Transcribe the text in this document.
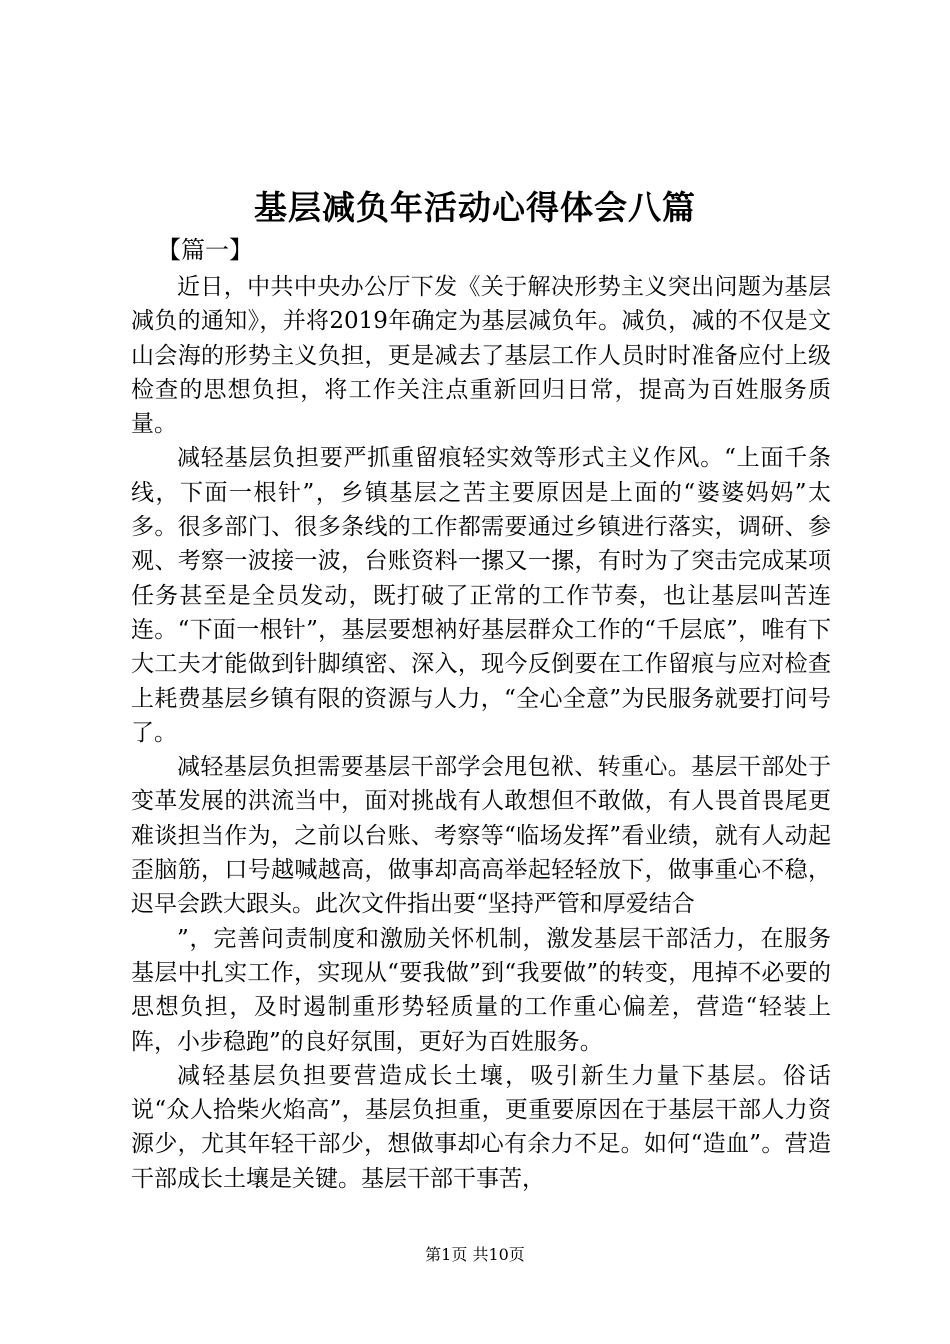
基层减负年活动心得体会八篇
【篇一】

近日，中共中央办公厅下发《关于解决形势主义突出问题为基层减负的通知》，并将2019年确定为基层减负年。减负，减的不仅是文山会海的形势主义负担，更是减去了基层工作人员时时准备应付上级检查的思想负担，将工作关注点重新回归日常，提高为百姓服务质量。

减轻基层负担要严抓重留痕轻实效等形式主义作风。“上面千条线，下面一根针”，乡镇基层之苦主要原因是上面的“婆婆妈妈”太多。很多部门、很多条线的工作都需要通过乡镇进行落实，调研、参观、考察一波接一波，台账资料一摞又一摞，有时为了突击完成某项任务甚至是全员发动，既打破了正常的工作节奏，也让基层叫苦连连。“下面一根针”，基层要想衲好基层群众工作的“千层底”，唯有下大工夫才能做到针脚缜密、深入，现今反倒要在工作留痕与应对检查上耗费基层乡镇有限的资源与人力，“全心全意”为民服务就要打问号了。

减轻基层负担需要基层干部学会甩包袱、转重心。基层干部处于变革发展的洪流当中，面对挑战有人敢想但不敢做，有人畏首畏尾更难谈担当作为，之前以台账、考察等“临场发挥”看业绩，就有人动起歪脑筋，口号越喊越高，做事却高高举起轻轻放下，做事重心不稳，迟早会跌大跟头。此次文件指出要“坚持严管和厚爱结合

”，完善问责制度和激励关怀机制，激发基层干部活力，在服务基层中扎实工作，实现从“要我做”到“我要做”的转变，甩掉不必要的思想负担，及时遏制重形势轻质量的工作重心偏差，营造“轻装上阵，小步稳跑”的良好氛围，更好为百姓服务。

减轻基层负担要营造成长土壤，吸引新生力量下基层。俗话说“众人拾柴火焰高”，基层负担重，更重要原因在于基层干部人力资源少，尤其年轻干部少，想做事却心有余力不足。如何“造血”。营造干部成长土壤是关键。基层干部干事苦，

第1页 共10页
